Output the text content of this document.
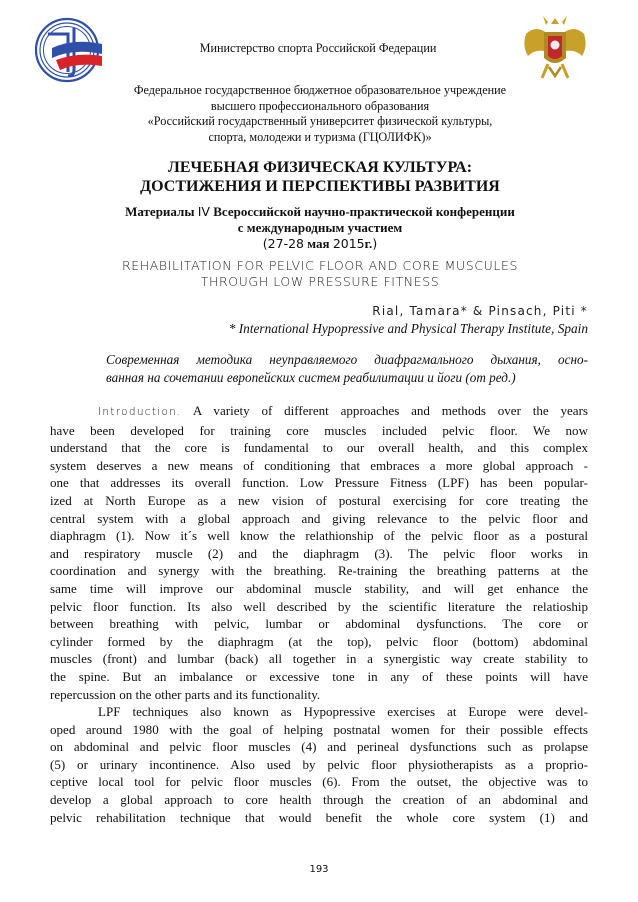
Министерство спорта Российской Федерации
Федеральное государственное бюджетное образовательное учреждение
высшего профессионального образования
«Российский государственный университет физической культуры,
спорта, молодежи и туризма (ГЦОЛИФК)»
ЛЕЧЕБНАЯ ФИЗИЧЕСКАЯ КУЛЬТУРА:
ДОСТИЖЕНИЯ И ПЕРСПЕКТИВЫ РАЗВИТИЯ
Материалы IV Всероссийской научно-практической конференции
с международным участием
(27-28 мая 2015г.)
REHABILITATION FOR PELVIC FLOOR AND CORE MUSCULES
THROUGH LOW PRESSURE FITNESS
Rial, Tamara* & Pinsach, Piti *
* International Hypopressive and Physical Therapy Institute, Spain
Современная методика неуправляемого диафрагмального дыхания, осно-
ванная на сочетании европейских систем реабилитации и йоги (от ред.)
Introduction. A variety of different approaches and methods over the years
have been developed for training core muscles included pelvic floor. We now
understand that the core is fundamental to our overall health, and this complex
system deserves a new means of conditioning that embraces a more global approach -
one that addresses its overall function. Low Pressure Fitness (LPF) has been popular-
ized at North Europe as a new vision of postural exercising for core treating the
central system with a global approach and giving relevance to the pelvic floor and
diaphragm (1). Now it´s well know the relathionship of the pelvic floor as a postural
and respiratory muscle (2) and the diaphragm (3). The pelvic floor works in
coordination and synergy with the breathing. Re-training the breathing patterns at the
same time will improve our abdominal muscle stability, and will get enhance the
pelvic floor function. Its also well described by the scientific literature the relatioship
between breathing with pelvic, lumbar or abdominal dysfunctions. The core or
cylinder formed by the diaphragm (at the top), pelvic floor (bottom) abdominal
muscles (front) and lumbar (back) all together in a synergistic way create stability to
the spine. But an imbalance or excessive tone in any of these points will have
repercussion on the other parts and its functionality.
LPF techniques also known as Hypopressive exercises at Europe were devel-
oped around 1980 with the goal of helping postnatal women for their possible effects
on abdominal and pelvic floor muscles (4) and perineal dysfunctions such as prolapse
(5) or urinary incontinence. Also used by pelvic floor physiotherapists as a proprio-
ceptive local tool for pelvic floor muscles (6). From the outset, the objective was to
develop a global approach to core health through the creation of an abdominal and
pelvic rehabilitation technique that would benefit the whole core system (1) and
193
